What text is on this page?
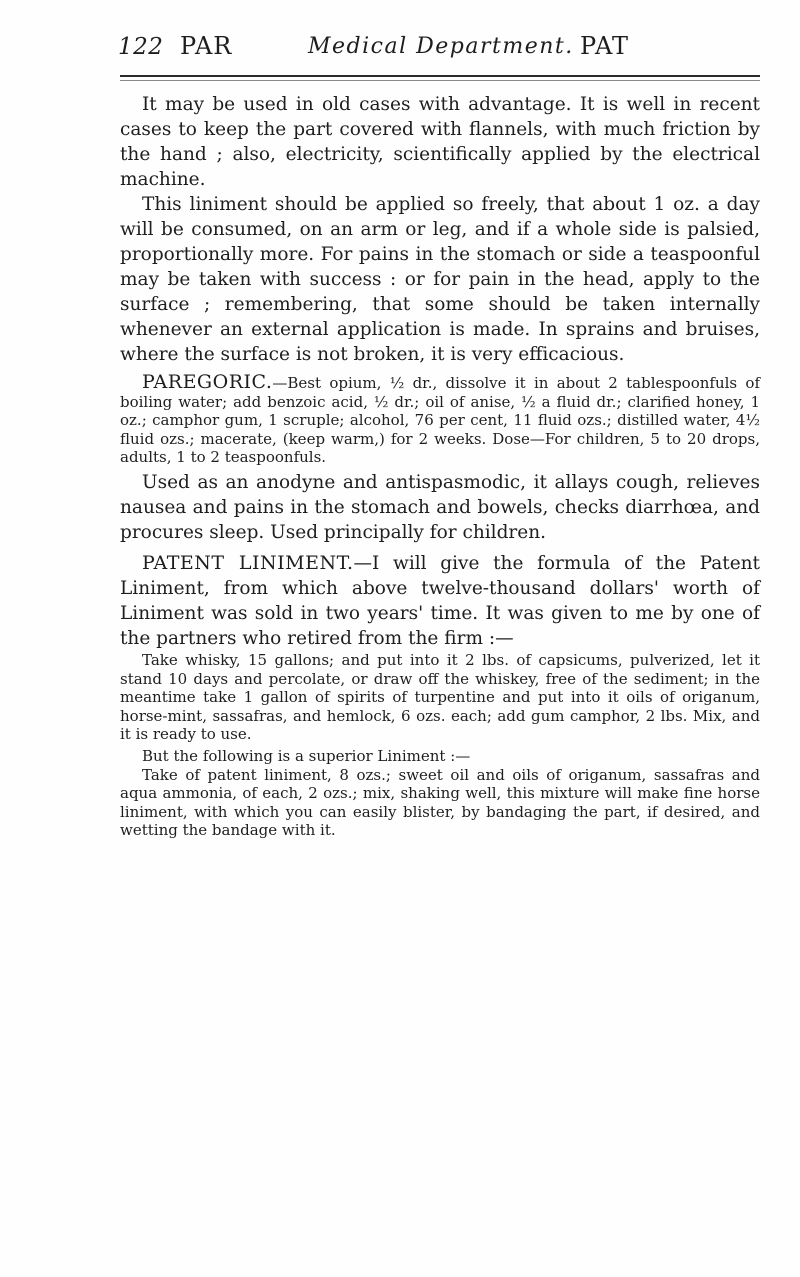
122 PAR	Medical Department. PAT

It may be used in old cases with advantage. It is well in recent cases to keep the part covered with flannels, with much friction by the hand ; also, electricity, scientifically applied by the electrical machine.

This liniment should be applied so freely, that about 1 oz. a day will be consumed, on an arm or leg, and if a whole side is palsied, proportionally more. For pains in the stomach or side a teaspoonful may be taken with success : or for pain in the head, apply to the surface ; remembering, that some should be taken internally whenever an external application is made. In sprains and bruises, where the surface is not broken, it is very efficacious.

PAREGORIC.—Best opium, ½ dr., dissolve it in about 2 tablespoonfuls of boiling water; add benzoic acid, ½ dr.; oil of anise, ½ a fluid dr.; clarified honey, 1 oz.; camphor gum, 1 scruple; alcohol, 76 per cent, 11 fluid ozs.; distilled water, 4½ fluid ozs.; macerate, (keep warm,) for 2 weeks. Dose—For children, 5 to 20 drops, adults, 1 to 2 teaspoonfuls.

Used as an anodyne and antispasmodic, it allays cough, relieves nausea and pains in the stomach and bowels, checks diarrhœa, and procures sleep. Used principally for children.

PATENT LINIMENT.—I will give the formula of the Patent Liniment, from which above twelve-thousand dollars' worth of Liniment was sold in two years' time. It was given to me by one of the partners who retired from the firm :—

Take whisky, 15 gallons; and put into it 2 lbs. of capsicums, pulverized, let it stand 10 days and percolate, or draw off the whiskey, free of the sediment; in the meantime take 1 gallon of spirits of turpentine and put into it oils of origanum, horse-mint, sassafras, and hemlock, 6 ozs. each; add gum camphor, 2 lbs. Mix, and it is ready to use.

But the following is a superior Liniment :—

Take of patent liniment, 8 ozs.; sweet oil and oils of origanum, sassafras and aqua ammonia, of each, 2 ozs.; mix, shaking well, this mixture will make fine horse liniment, with which you can easily blister, by bandaging the part, if desired, and wetting the bandage with it.
